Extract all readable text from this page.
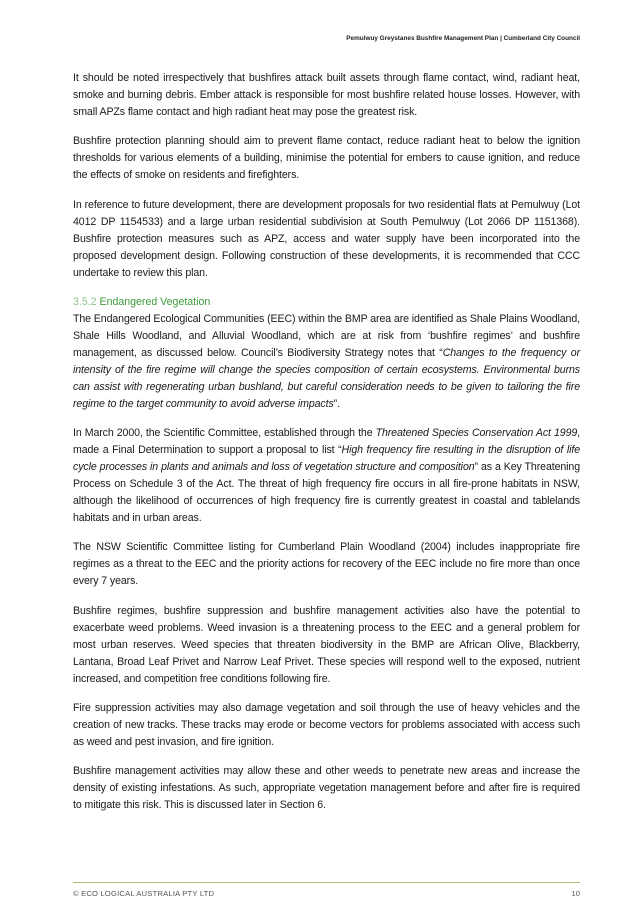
Pemulwuy Greystanes Bushfire Management Plan | Cumberland City Council

It should be noted irrespectively that bushfires attack built assets through flame contact, wind, radiant heat, smoke and burning debris. Ember attack is responsible for most bushfire related house losses. However, with small APZs flame contact and high radiant heat may pose the greatest risk.

Bushfire protection planning should aim to prevent flame contact, reduce radiant heat to below the ignition thresholds for various elements of a building, minimise the potential for embers to cause ignition, and reduce the effects of smoke on residents and firefighters.

In reference to future development, there are development proposals for two residential flats at Pemulwuy (Lot 4012 DP 1154533) and a large urban residential subdivision at South Pemulwuy (Lot 2066 DP 1151368). Bushfire protection measures such as APZ, access and water supply have been incorporated into the proposed development design. Following construction of these developments, it is recommended that CCC undertake to review this plan.

3.5.2 Endangered Vegetation

The Endangered Ecological Communities (EEC) within the BMP area are identified as Shale Plains Woodland, Shale Hills Woodland, and Alluvial Woodland, which are at risk from ‘bushfire regimes’ and bushfire management, as discussed below. Council’s Biodiversity Strategy notes that “Changes to the frequency or intensity of the fire regime will change the species composition of certain ecosystems. Environmental burns can assist with regenerating urban bushland, but careful consideration needs to be given to tailoring the fire regime to the target community to avoid adverse impacts”.

In March 2000, the Scientific Committee, established through the Threatened Species Conservation Act 1999, made a Final Determination to support a proposal to list “High frequency fire resulting in the disruption of life cycle processes in plants and animals and loss of vegetation structure and composition” as a Key Threatening Process on Schedule 3 of the Act. The threat of high frequency fire occurs in all fire-prone habitats in NSW, although the likelihood of occurrences of high frequency fire is currently greatest in coastal and tablelands habitats and in urban areas.

The NSW Scientific Committee listing for Cumberland Plain Woodland (2004) includes inappropriate fire regimes as a threat to the EEC and the priority actions for recovery of the EEC include no fire more than once every 7 years.

Bushfire regimes, bushfire suppression and bushfire management activities also have the potential to exacerbate weed problems. Weed invasion is a threatening process to the EEC and a general problem for most urban reserves. Weed species that threaten biodiversity in the BMP are African Olive, Blackberry, Lantana, Broad Leaf Privet and Narrow Leaf Privet. These species will respond well to the exposed, nutrient increased, and competition free conditions following fire.

Fire suppression activities may also damage vegetation and soil through the use of heavy vehicles and the creation of new tracks. These tracks may erode or become vectors for problems associated with access such as weed and pest invasion, and fire ignition.

Bushfire management activities may allow these and other weeds to penetrate new areas and increase the density of existing infestations. As such, appropriate vegetation management before and after fire is required to mitigate this risk. This is discussed later in Section 6.

© ECO LOGICAL AUSTRALIA PTY LTD	10
